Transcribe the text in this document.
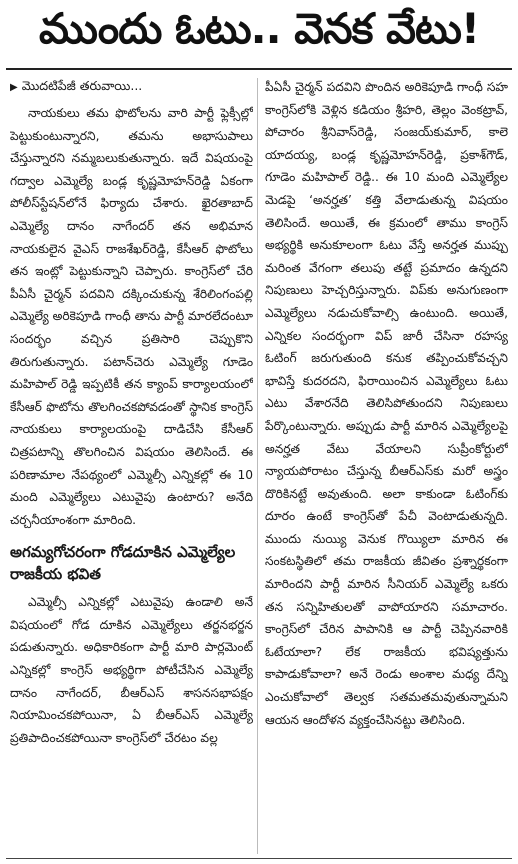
ముందు ఓటు.. వెనక వేటు!
▶ మొదటిపేజీ తరువాయి...

నాయకులు తమ ఫొటోలను వారి పార్టీ ఫ్లెక్సీల్లో పెట్టుకుంటున్నారని, తమను అభాసుపాలు చేస్తున్నారని నమ్మబలుకుతున్నారు. ఇదే విషయంపై గద్వాల ఎమ్మెల్యే బండ్ల కృష్ణమోహన్‌రెడ్డి ఏకంగా పోలీస్‌స్టేషన్‌లోనే ఫిర్యాదు చేశారు. ఖైరతాబాద్ ఎమ్మెల్యే దానం నాగేందర్ తన అభిమాన నాయకులైన వైఎస్ రాజశేఖర్‌రెడ్డి, కేసీఆర్ ఫొటోలు తన ఇంట్లో పెట్టుకున్నాని చెప్పారు. కాంగ్రెస్‌లో చేరి పీఏసీ చైర్మన్ పదవిని దక్కించుకున్న శేరిలింగంపల్లి ఎమ్మెల్యే అరికెపూడి గాంధీ తాను పార్టీ మారలేదంటూ సందర్భం వచ్చిన ప్రతిసారి చెప్పుకొని తిరుగుతున్నారు. పటాన్‌చెరు ఎమ్మెల్యే గూడెం మహిపాల్ రెడ్డి ఇప్పటికీ తన క్యాంప్ కార్యాలయంలో కేసీఆర్ ఫొటోను తొలగించకపోవడంతో స్థానిక కాంగ్రెస్ నాయకులు కార్యాలయంపై దాడిచేసి కేసీఆర్ చిత్రపటాన్ని తొలగించిన విషయం తెలిసిందే. ఈ పరిణామాల నేపథ్యంలో ఎమ్మెల్సీ ఎన్నికల్లో ఈ 10 మంది ఎమ్మెల్యేలు ఎటువైపు ఉంటారు? అనేది చర్చనీయాంశంగా మారింది.

అగమ్యగోచరంగా గోడదూకిన ఎమ్మెల్యేల రాజకీయ భవిత

ఎమ్మెల్సీ ఎన్నికల్లో ఎటువైపు ఉండాలి అనే విషయంలో గోడ దూకిన ఎమ్మెల్యేలు తర్జనభర్జన పడుతున్నారు. అధికారికంగా పార్టీ మారి పార్లమెంట్ ఎన్నికల్లో కాంగ్రెస్ అభ్యర్థిగా పోటీచేసిన ఎమ్మెల్యే దానం నాగేందర్, బీఆర్‌ఎస్ శాసనసభాపక్షం నియామించకపోయినా, ఏ బీఆర్‌ఎస్ ఎమ్మెల్యే ప్రతిపాదించకపోయినా కాంగ్రెస్‌లో చేరటం వల్ల

పీఏసీ చైర్మన్ పదవిని పొందిన అరికెపూడి గాంధీ సహ కాంగ్రెస్‌లోకి వెళ్లిన కడియం శ్రీహరి, తెల్లం వెంకట్రావ్, పోచారం శ్రీనివాస్‌రెడ్డి, సంజయ్‌కుమార్, కాలె యాదయ్య, బండ్ల కృష్ణమోహన్‌రెడ్డి, ప్రకాశ్‌గౌడ్, గూడెం మహిపాల్ రెడ్డి.. ఈ 10 మంది ఎమ్మెల్యేల మెడపై ‘అనర్హత’ కత్తి వేలాడుతున్న విషయం తెలిసిందే. అయితే, ఈ క్రమంలో తాము కాంగ్రెస్ అభ్యర్థికి అనుకూలంగా ఓటు వేస్తే అనర్హత ముప్పు మరింత వేగంగా తలుపు తట్టే ప్రమాదం ఉన్నదని నిపుణులు హెచ్చరిస్తున్నారు. విప్‌కు అనుగుణంగా ఎమ్మెల్యేలు నడుచుకోవాల్సి ఉంటుంది. అయితే, ఎన్నికల సందర్భంగా విప్ జారీ చేసినా రహస్య ఓటింగ్ జరుగుతుంది కనుక తప్పించుకోవచ్చని భావిస్తే కుదరదని, ఫిరాయించిన ఎమ్మెల్యేలు ఓటు ఎటు వేశారనేది తెలిసిపోతుందని నిపుణులు పేర్కొంటున్నారు. అప్పుడు పార్టీ మారిన ఎమ్మెల్యేలపై అనర్హత వేటు వేయాలని సుప్రీంకోర్టులో న్యాయపోరాటం చేస్తున్న బీఆర్‌ఎస్‌కు మరో అస్త్రం దొరికినట్టే అవుతుంది. అలా కాకుండా ఓటింగ్‌కు దూరం ఉంటే కాంగ్రెస్‌తో పేచీ వెంటాడుతున్నది. ముందు నుయ్యి వెనుక గొయ్యిలా మారిన ఈ సంకటస్థితిలో తమ రాజకీయ జీవితం ప్రశ్నార్థకంగా మారిందని పార్టీ మారిన సీనియర్ ఎమ్మెల్యే ఒకరు తన సన్నిహితులతో వాపోయారని సమాచారం. కాంగ్రెస్‌లో చేరిన పాపానికి ఆ పార్టీ చెప్పినవారికి ఓటేయాలా? లేక రాజకీయ భవిష్యత్తును కాపాడుకోవాలా? అనే రెండు అంశాల మధ్య దేన్ని ఎంచుకోవాలో తెల్వక సతమతమవుతున్నామని ఆయన ఆందోళన వ్యక్తంచేసినట్టు తెలిసింది.
